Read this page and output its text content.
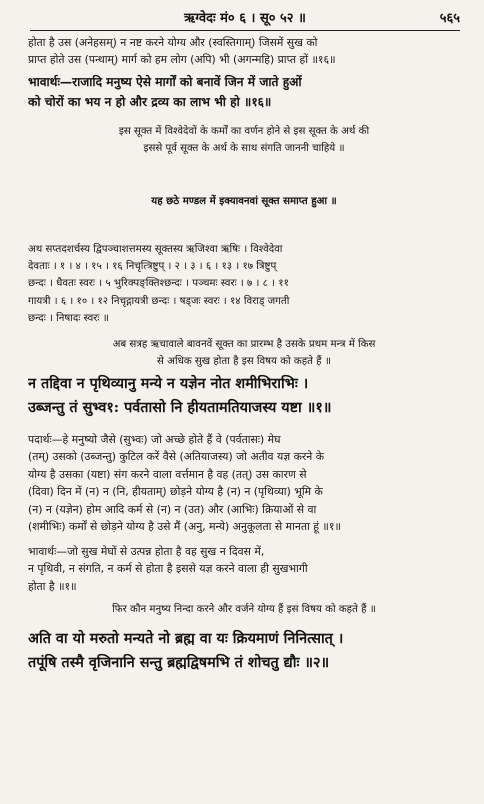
ऋग्वेदः मं० ६ । सू० ५२ ॥	५६५
होता है उस (अनेहसम्) न नष्ट करने योग्य और (स्वस्तिगाम्) जिसमें सुख को
प्राप्त होते उस (पन्थाम्) मार्ग को हम लोग (अपि) भी (अगन्महि) प्राप्त हों ॥१६॥
भावार्थः—राजादि मनुष्य ऐसे मार्गों को बनावें जिन में जाते हुओं
को चोरों का भय न हो और द्रव्य का लाभ भी हो ॥१६॥
इस सूक्त में विश्वेदेवों के कर्मों का वर्णन होने से इस सूक्त के अर्थ की
इससे पूर्व सूक्त के अर्थ के साथ संगति जाननी चाहिये ॥
यह छठे मण्डल में इक्यावनवां सूक्त समाप्त हुआ ॥
अथ सप्तदशर्चस्य द्विपञ्चाशत्तमस्य सूक्तस्य ऋजिश्वा ऋषिः । विश्वेदेवा
देवताः । १ । ४ । १५ । १६ निचृत्त्रिष्टुप् । २ । ३ । ६ । १३ । १७ त्रिष्टुप्
छन्दः । धैवतः स्वरः । ५ भुरिक्पङ्क्तिश्छन्दः । पञ्चमः स्वरः । ७ । ८ । ११
गायत्री । ६ । १० । १२ निचृद्गायत्री छन्दः । षड्जः स्वरः । १४ विराड् जगती
छन्दः । निषादः स्वरः ॥
अब सत्रह ऋचावाले बावनवें सूक्त का प्रारम्भ है उसके प्रथम मन्त्र में किस
से अधिक सुख होता है इस विषय को कहते हैं ॥
न तद्दिवा न पृथिव्यानु मन्ये न यज्ञेन नोत शमीभिराभिः ।
उब्जन्तु तं सुभ्व१: पर्वतासो नि हीयतामतियाजस्य यष्टा ॥१॥
पदार्थः—हे मनुष्यो जैसे (सुभ्वः) जो अच्छे होते हैं वे (पर्वतासः) मेघ
(तम्) उसको (उब्जन्तु) कुटिल करें वैसे (अतियाजस्य) जो अतीव यज्ञ करने के
योग्य है उसका (यष्टा) संग करने वाला वर्त्तमान है वह (तत्) उस कारण से
(दिवा) दिन में (न) न (नि, हीयताम्) छोड़ने योग्य है (न) न (पृथिव्या) भूमि के
(न) न (यज्ञेन) होम आदि कर्म से (न) न (उत) और (आभिः) क्रियाओं से वा
(शमीभिः) कर्मों से छोड़ने योग्य है उसे मैं (अनु, मन्ये) अनुकूलता से मानता हूं ॥१॥
भावार्थः—जो सुख मेघों से उत्पन्न होता है वह सुख न दिवस में,
न पृथिवी, न संगति, न कर्म से होता है इससे यज्ञ करने वाला ही सुखभागी
होता है ॥१॥
फिर कौन मनुष्य निन्दा करने और वर्जने योग्य हैं इस विषय को कहते हैं ॥
अति वा यो मरुतो मन्यते नो ब्रह्म वा यः क्रियमाणं निनित्सात् ।
तपूंषि तस्मै वृजिनानि सन्तु ब्रह्मद्विषमभि तं शोचतु द्यौः ॥२॥
